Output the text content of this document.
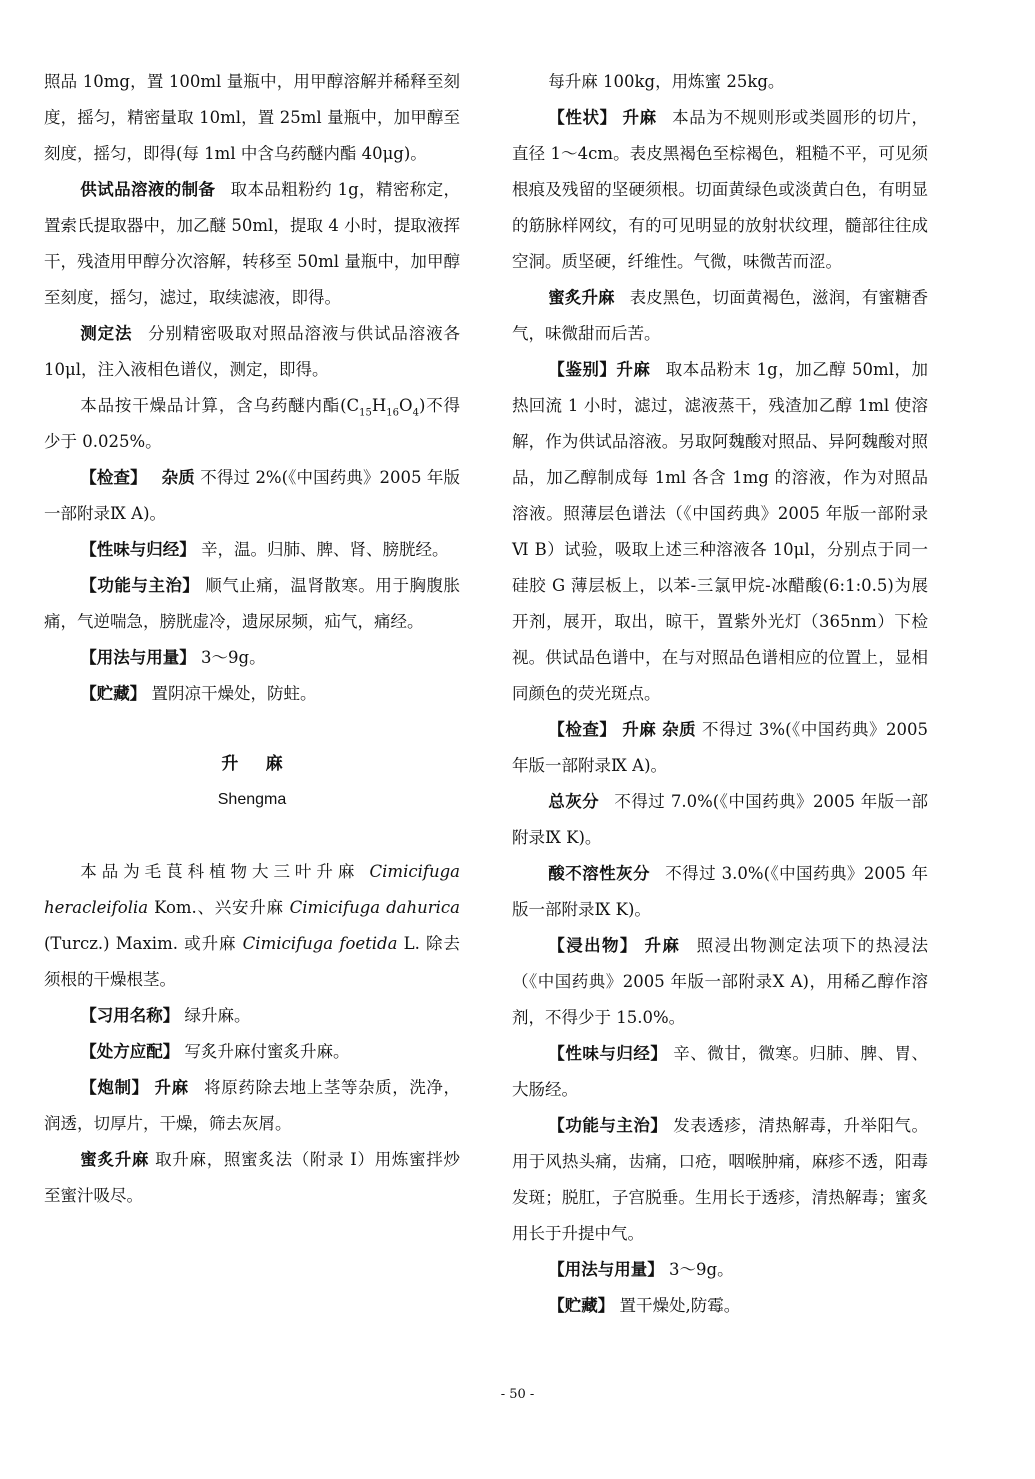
照品 10mg，置 100ml 量瓶中，用甲醇溶解并稀释至刻度，摇匀，精密量取 10ml，置 25ml 量瓶中，加甲醇至刻度，摇匀，即得(每 1ml 中含乌药醚内酯 40μg)。

供试品溶液的制备 取本品粗粉约 1g，精密称定，置索氏提取器中，加乙醚 50ml，提取 4 小时，提取液挥干，残渣用甲醇分次溶解，转移至 50ml 量瓶中，加甲醇至刻度，摇匀，滤过，取续滤液，即得。

测定法 分别精密吸取对照品溶液与供试品溶液各 10μl，注入液相色谱仪，测定，即得。

本品按干燥品计算，含乌药醚内酯$(C_{15}H_{16}O_4)$不得少于 0.025%。

【检查】 杂质 不得过 2%(《中国药典》2005 年版一部附录Ⅸ A)。

【性味与归经】 辛，温。归肺、脾、肾、膀胱经。

【功能与主治】 顺气止痛，温肾散寒。用于胸腹胀痛，气逆喘急，膀胱虚冷，遗尿尿频，疝气，痛经。

【用法与用量】 3～9g。

【贮藏】 置阴凉干燥处，防蛀。

升麻
Shengma

本品为毛茛科植物大三叶升麻 Cimicifuga heracleifolia Kom.、兴安升麻 Cimicifuga dahurica (Turcz.) Maxim. 或升麻 Cimicifuga foetida L. 除去须根的干燥根茎。

【习用名称】 绿升麻。

【处方应配】 写炙升麻付蜜炙升麻。

【炮制】 升麻 将原药除去地上茎等杂质，洗净，润透，切厚片，干燥，筛去灰屑。

蜜炙升麻 取升麻，照蜜炙法（附录 I）用炼蜜拌炒至蜜汁吸尽。

每升麻 100kg，用炼蜜 25kg。

【性状】 升麻 本品为不规则形或类圆形的切片，直径 1～4cm。表皮黑褐色至棕褐色，粗糙不平，可见须根痕及残留的坚硬须根。切面黄绿色或淡黄白色，有明显的筋脉样网纹，有的可见明显的放射状纹理，髓部往往成空洞。质坚硬，纤维性。气微，味微苦而涩。

蜜炙升麻 表皮黑色，切面黄褐色，滋润，有蜜糖香气，味微甜而后苦。

【鉴别】升麻 取本品粉末 1g，加乙醇 50ml，加热回流 1 小时，滤过，滤液蒸干，残渣加乙醇 1ml 使溶解，作为供试品溶液。另取阿魏酸对照品、异阿魏酸对照品，加乙醇制成每 1ml 各含 1mg 的溶液，作为对照品溶液。照薄层色谱法（《中国药典》2005 年版一部附录Ⅵ B）试验，吸取上述三种溶液各 10μl，分别点于同一硅胶 G 薄层板上，以苯-三氯甲烷-冰醋酸(6:1:0.5)为展开剂，展开，取出，晾干，置紫外光灯（365nm）下检视。供试品色谱中，在与对照品色谱相应的位置上，显相同颜色的荧光斑点。

【检查】 升麻 杂质 不得过 3%(《中国药典》2005 年版一部附录Ⅸ A)。

总灰分 不得过 7.0%(《中国药典》2005 年版一部附录Ⅸ K)。

酸不溶性灰分 不得过 3.0%(《中国药典》2005 年版一部附录Ⅸ K)。

【浸出物】 升麻 照浸出物测定法项下的热浸法（《中国药典》2005 年版一部附录Ⅹ A)，用稀乙醇作溶剂，不得少于 15.0%。

【性味与归经】 辛、微甘，微寒。归肺、脾、胃、大肠经。

【功能与主治】 发表透疹，清热解毒，升举阳气。用于风热头痛，齿痛，口疮，咽喉肿痛，麻疹不透，阳毒发斑；脱肛，子宫脱垂。生用长于透疹，清热解毒；蜜炙用长于升提中气。

【用法与用量】 3～9g。

【贮藏】 置干燥处,防霉。

- 50 -
